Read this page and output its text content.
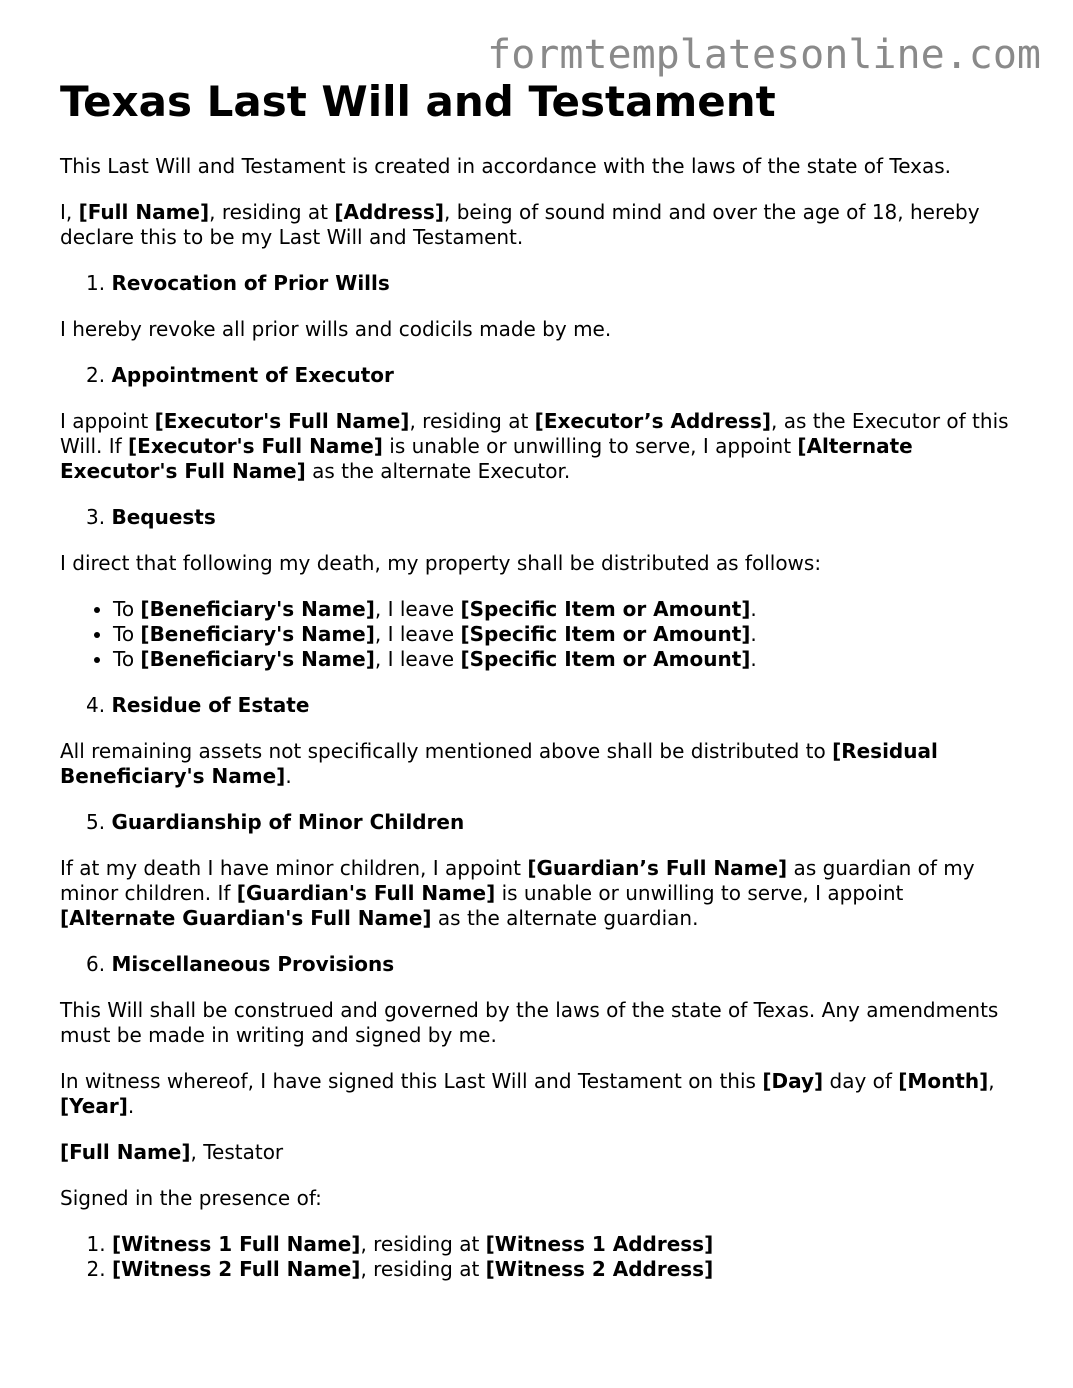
formtemplatesonline.com
Texas Last Will and Testament

This Last Will and Testament is created in accordance with the laws of the state of Texas.

I, [Full Name], residing at [Address], being of sound mind and over the age of 18, hereby declare this to be my Last Will and Testament.

1. Revocation of Prior Wills

I hereby revoke all prior wills and codicils made by me.

2. Appointment of Executor

I appoint [Executor's Full Name], residing at [Executor’s Address], as the Executor of this Will. If [Executor's Full Name] is unable or unwilling to serve, I appoint [Alternate Executor's Full Name] as the alternate Executor.

3. Bequests

I direct that following my death, my property shall be distributed as follows:

• To [Beneficiary's Name], I leave [Specific Item or Amount].
• To [Beneficiary's Name], I leave [Specific Item or Amount].
• To [Beneficiary's Name], I leave [Specific Item or Amount].
4. Residue of Estate

All remaining assets not specifically mentioned above shall be distributed to [Residual Beneficiary's Name].

5. Guardianship of Minor Children

If at my death I have minor children, I appoint [Guardian’s Full Name] as guardian of my minor children. If [Guardian's Full Name] is unable or unwilling to serve, I appoint [Alternate Guardian's Full Name] as the alternate guardian.

6. Miscellaneous Provisions

This Will shall be construed and governed by the laws of the state of Texas. Any amendments must be made in writing and signed by me.

In witness whereof, I have signed this Last Will and Testament on this [Day] day of [Month], [Year].

[Full Name], Testator

Signed in the presence of:

1. [Witness 1 Full Name], residing at [Witness 1 Address]
2. [Witness 2 Full Name], residing at [Witness 2 Address]
